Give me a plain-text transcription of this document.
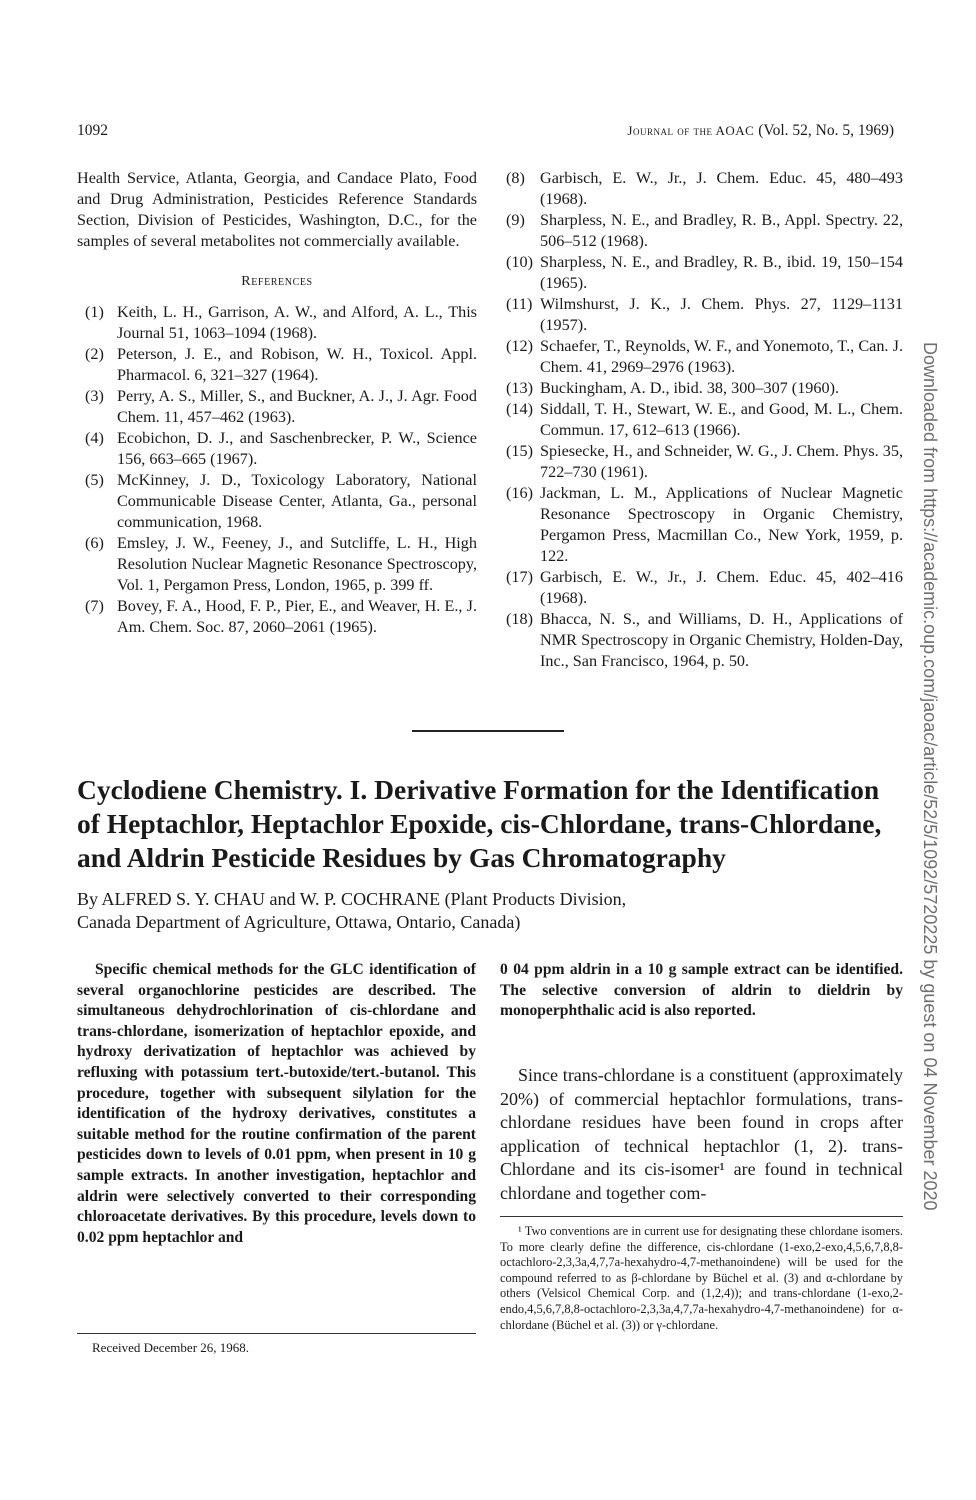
1092	Journal of the AOAC (Vol. 52, No. 5, 1969)

Health Service, Atlanta, Georgia, and Candace Plato, Food and Drug Administration, Pesticides Reference Standards Section, Division of Pesticides, Washington, D.C., for the samples of several metabolites not commercially available.

References

(1) Keith, L. H., Garrison, A. W., and Alford, A. L., This Journal 51, 1063–1094 (1968).

(2) Peterson, J. E., and Robison, W. H., Toxicol. Appl. Pharmacol. 6, 321–327 (1964).

(3) Perry, A. S., Miller, S., and Buckner, A. J., J. Agr. Food Chem. 11, 457–462 (1963).

(4) Ecobichon, D. J., and Saschenbrecker, P. W., Science 156, 663–665 (1967).

(5) McKinney, J. D., Toxicology Laboratory, National Communicable Disease Center, Atlanta, Ga., personal communication, 1968.

(6) Emsley, J. W., Feeney, J., and Sutcliffe, L. H., High Resolution Nuclear Magnetic Resonance Spectroscopy, Vol. 1, Pergamon Press, London, 1965, p. 399 ff.

(7) Bovey, F. A., Hood, F. P., Pier, E., and Weaver, H. E., J. Am. Chem. Soc. 87, 2060–2061 (1965).

(8) Garbisch, E. W., Jr., J. Chem. Educ. 45, 480–493 (1968).

(9) Sharpless, N. E., and Bradley, R. B., Appl. Spectry. 22, 506–512 (1968).

(10) Sharpless, N. E., and Bradley, R. B., ibid. 19, 150–154 (1965).

(11) Wilmshurst, J. K., J. Chem. Phys. 27, 1129–1131 (1957).

(12) Schaefer, T., Reynolds, W. F., and Yonemoto, T., Can. J. Chem. 41, 2969–2976 (1963).

(13) Buckingham, A. D., ibid. 38, 300–307 (1960).

(14) Siddall, T. H., Stewart, W. E., and Good, M. L., Chem. Commun. 17, 612–613 (1966).

(15) Spiesecke, H., and Schneider, W. G., J. Chem. Phys. 35, 722–730 (1961).

(16) Jackman, L. M., Applications of Nuclear Magnetic Resonance Spectroscopy in Organic Chemistry, Pergamon Press, Macmillan Co., New York, 1959, p. 122.

(17) Garbisch, E. W., Jr., J. Chem. Educ. 45, 402–416 (1968).

(18) Bhacca, N. S., and Williams, D. H., Applications of NMR Spectroscopy in Organic Chemistry, Holden-Day, Inc., San Francisco, 1964, p. 50.

Cyclodiene Chemistry. I. Derivative Formation for the Identification of Heptachlor, Heptachlor Epoxide, cis-Chlordane, trans-Chlordane, and Aldrin Pesticide Residues by Gas Chromatography
By ALFRED S. Y. CHAU and W. P. COCHRANE (Plant Products Division,
Canada Department of Agriculture, Ottawa, Ontario, Canada)
Specific chemical methods for the GLC identification of several organochlorine pesticides are described. The simultaneous dehydrochlorination of cis-chlordane and trans-chlordane, isomerization of heptachlor epoxide, and hydroxy derivatization of heptachlor was achieved by refluxing with potassium tert.-butoxide/tert.-butanol. This procedure, together with subsequent silylation for the identification of the hydroxy derivatives, constitutes a suitable method for the routine confirmation of the parent pesticides down to levels of 0.01 ppm, when present in 10 g sample extracts. In another investigation, heptachlor and aldrin were selectively converted to their corresponding chloroacetate derivatives. By this procedure, levels down to 0.02 ppm heptachlor and
0 04 ppm aldrin in a 10 g sample extract can be identified. The selective conversion of aldrin to dieldrin by monoperphthalic acid is also reported.
Since trans-chlordane is a constituent (approximately 20%) of commercial heptachlor formulations, trans-chlordane residues have been found in crops after application of technical heptachlor (1, 2). trans-Chlordane and its cis-isomer¹ are found in technical chlordane and together com-
¹ Two conventions are in current use for designating these chlordane isomers. To more clearly define the difference, cis-chlordane (1-exo,2-exo,4,5,6,7,8,8-octachloro-2,3,3a,4,7,7a-hexahydro-4,7-methanoindene) will be used for the compound referred to as β-chlordane by Büchel et al. (3) and α-chlordane by others (Velsicol Chemical Corp. and (1,2,4)); and trans-chlordane (1-exo,2-endo,4,5,6,7,8,8-octachloro-2,3,3a,4,7,7a-hexahydro-4,7-methanoindene) for α-chlordane (Büchel et al. (3)) or γ-chlordane.
Received December 26, 1968.
Downloaded from https://academic.oup.com/jaoac/article/52/5/1092/5720225 by guest on 04 November 2020
